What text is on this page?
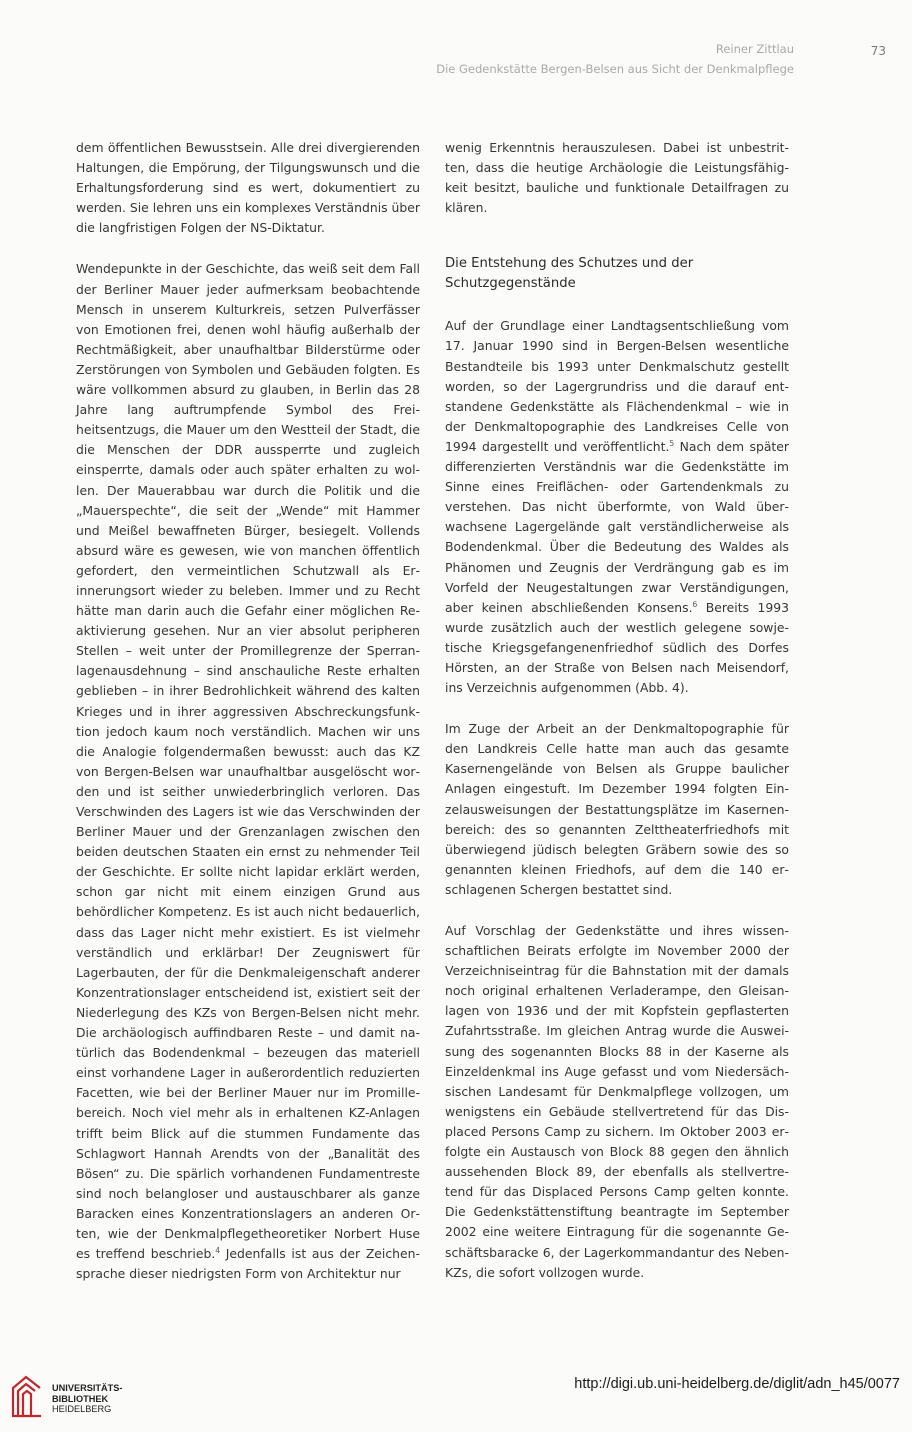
Reiner Zittlau
Die Gedenkstätte Bergen-Belsen aus Sicht der Denkmalpflege
73

dem öffentlichen Bewusstsein. Alle drei divergierenden Haltungen, die Empörung, der Tilgungswunsch und die Erhaltungsforderung sind es wert, dokumentiert zu werden. Sie lehren uns ein komplexes Verständnis über die langfristigen Folgen der NS-Diktatur.

Wendepunkte in der Geschichte, das weiß seit dem Fall der Berliner Mauer jeder aufmerksam beobachtende Mensch in unserem Kulturkreis, setzen Pulverfässer von Emotionen frei, denen wohl häufig außerhalb der Rechtmäßigkeit, aber unaufhaltbar Bilderstürme oder Zerstörungen von Symbolen und Gebäuden folgten. Es wäre vollkommen absurd zu glauben, in Berlin das 28 Jahre lang auftrumpfende Symbol des Freiheitsentzugs, die Mauer um den Westteil der Stadt, die die Menschen der DDR aussperrte und zugleich einsperrte, damals oder auch später erhalten zu wollen. Der Mauerabbau war durch die Politik und die „Mauerspechte“, die seit der „Wende“ mit Hammer und Meißel bewaffneten Bürger, besiegelt. Vollends absurd wäre es gewesen, wie von manchen öffentlich gefordert, den vermeintlichen Schutzwall als Erinnerungsort wieder zu beleben. Immer und zu Recht hätte man darin auch die Gefahr einer möglichen Reaktivierung gesehen. Nur an vier absolut peripheren Stellen – weit unter der Promillegrenze der Sperranlagenausdehnung – sind anschauliche Reste erhalten geblieben – in ihrer Bedrohlichkeit während des kalten Krieges und in ihrer aggressiven Abschreckungsfunktion jedoch kaum noch verständlich. Machen wir uns die Analogie folgendermaßen bewusst: auch das KZ von Bergen-Belsen war unaufhaltbar ausgelöscht worden und ist seither unwiederbringlich verloren. Das Verschwinden des Lagers ist wie das Verschwinden der Berliner Mauer und der Grenzanlagen zwischen den beiden deutschen Staaten ein ernst zu nehmender Teil der Geschichte. Er sollte nicht lapidar erklärt werden, schon gar nicht mit einem einzigen Grund aus behördlicher Kompetenz. Es ist auch nicht bedauerlich, dass das Lager nicht mehr existiert. Es ist vielmehr verständlich und erklärbar! Der Zeugniswert für Lagerbauten, der für die Denkmaleigenschaft anderer Konzentrationslager entscheidend ist, existiert seit der Niederlegung des KZs von Bergen-Belsen nicht mehr. Die archäologisch auffindbaren Reste – und damit natürlich das Bodendenkmal – bezeugen das materiell einst vorhandene Lager in außerordentlich reduzierten Facetten, wie bei der Berliner Mauer nur im Promillebereich. Noch viel mehr als in erhaltenen KZ-Anlagen trifft beim Blick auf die stummen Fundamente das Schlagwort Hannah Arendts von der „Banalität des Bösen“ zu. Die spärlich vorhandenen Fundamentreste sind noch belangloser und austauschbarer als ganze Baracken eines Konzentrationslagers an anderen Orten, wie der Denkmalpflegetheoretiker Norbert Huse es treffend beschrieb.$^4$ Jedenfalls ist aus der Zeichensprache dieser niedrigsten Form von Architektur nur

wenig Erkenntnis herauszulesen. Dabei ist unbestritten, dass die heutige Archäologie die Leistungsfähigkeit besitzt, bauliche und funktionale Detailfragen zu klären.

Die Entstehung des Schutzes und der
Schutzgegenstände

Auf der Grundlage einer Landtagsentschließung vom 17. Januar 1990 sind in Bergen-Belsen wesentliche Bestandteile bis 1993 unter Denkmalschutz gestellt worden, so der Lagergrundriss und die darauf entstandene Gedenkstätte als Flächendenkmal – wie in der Denkmaltopographie des Landkreises Celle von 1994 dargestellt und veröffentlicht.$^5$ Nach dem später differenzierten Verständnis war die Gedenkstätte im Sinne eines Freiflächen- oder Gartendenkmals zu verstehen. Das nicht überformte, von Wald überwachsene Lagergelände galt verständlicherweise als Bodendenkmal. Über die Bedeutung des Waldes als Phänomen und Zeugnis der Verdrängung gab es im Vorfeld der Neugestaltungen zwar Verständigungen, aber keinen abschließenden Konsens.$^6$ Bereits 1993 wurde zusätzlich auch der westlich gelegene sowjetische Kriegsgefangenenfriedhof südlich des Dorfes Hörsten, an der Straße von Belsen nach Meisendorf, ins Verzeichnis aufgenommen (Abb. 4).

Im Zuge der Arbeit an der Denkmaltopographie für den Landkreis Celle hatte man auch das gesamte Kasernengelände von Belsen als Gruppe baulicher Anlagen eingestuft. Im Dezember 1994 folgten Einzelausweisungen der Bestattungsplätze im Kasernenbereich: des so genannten Zelttheaterfriedhofs mit überwiegend jüdisch belegten Gräbern sowie des so genannten kleinen Friedhofs, auf dem die 140 erschlagenen Schergen bestattet sind.

Auf Vorschlag der Gedenkstätte und ihres wissenschaftlichen Beirats erfolgte im November 2000 der Verzeichniseintrag für die Bahnstation mit der damals noch original erhaltenen Verladerampe, den Gleisanlagen von 1936 und der mit Kopfstein gepflasterten Zufahrtsstraße. Im gleichen Antrag wurde die Ausweisung des sogenannten Blocks 88 in der Kaserne als Einzeldenkmal ins Auge gefasst und vom Niedersächsischen Landesamt für Denkmalpflege vollzogen, um wenigstens ein Gebäude stellvertretend für das Displaced Persons Camp zu sichern. Im Oktober 2003 erfolgte ein Austausch von Block 88 gegen den ähnlich aussehenden Block 89, der ebenfalls als stellvertretend für das Displaced Persons Camp gelten konnte. Die Gedenkstättenstiftung beantragte im September 2002 eine weitere Eintragung für die sogenannte Geschäftsbaracke 6, der Lagerkommandantur des Neben-KZs, die sofort vollzogen wurde.

UNIVERSITÄTS-
BIBLIOTHEK
HEIDELBERG
http://digi.ub.uni-heidelberg.de/diglit/adn_h45/0077
